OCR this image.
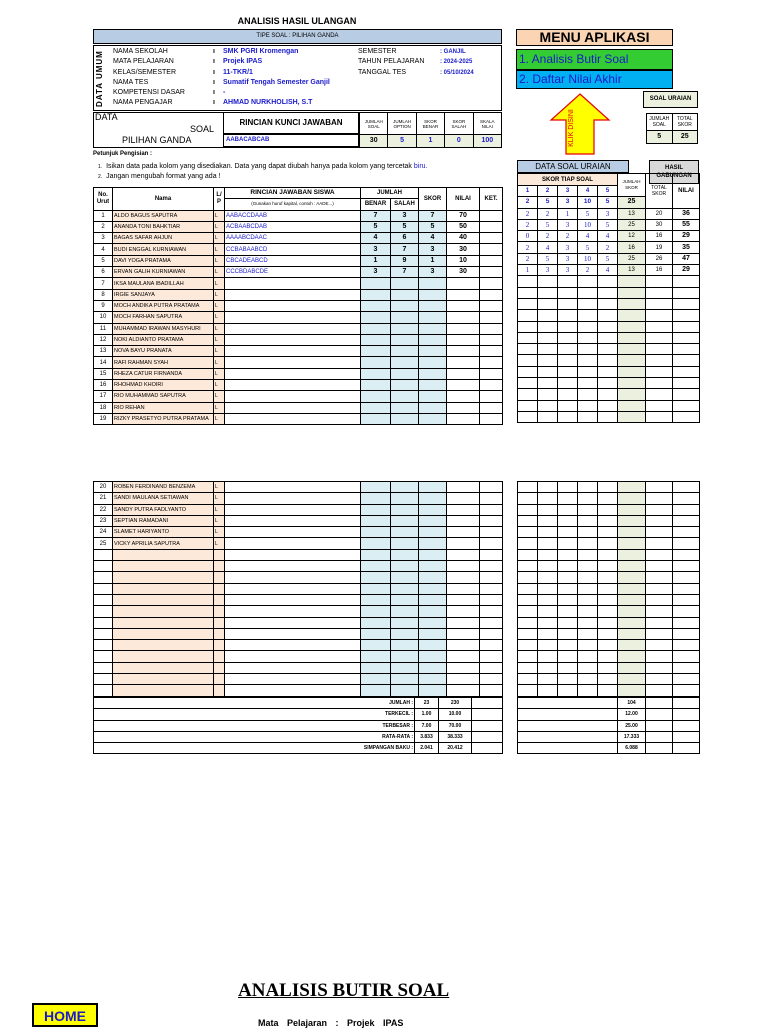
ANALISIS HASIL ULANGAN
TIPE SOAL : PILIHAN GANDA
DATA UMUM NAMA SEKOLAH	ı	SMK PGRI Kromengan
MATA PELAJARAN	ı	Projek IPAS
KELAS/SEMESTER	ı	11-TKR/1
NAMA TES	ı	Sumatif Tengah Semester Ganjil
KOMPETENSI DASAR	ı	-
NAMA PENGAJAR	ı	AHMAD NURKHOLISH, S.T
SEMESTER	: GANJIL
TAHUN PELAJARAN	: 2024-2025
TANGGAL TES	: 05/10/2024
MENU APLIKASI
1. Analisis Butir Soal
2. Daftar Nilai Akhir
KLIK DISINI
SOAL URAIAN
JUMLAH SOAL	TOTAL SKOR
5	25
DATA
SOAL
PILIHAN GANDA
RINCIAN KUNCI JAWABAN
AABACABCAB
JUMLAH SOAL	JUMLAH OPTION	SKOR BENAR	SKOR SALAH	SKALA NILAI
30	5	1	0	100
Petunjuk Pengisian :
1. Isikan data pada kolom yang disediakan. Data yang dapat diubah hanya pada kolom yang tercetak biru.
2. Jangan mengubah format yang ada !
No. Urut	Nama	L/ P	RINCIAN JAWABAN SISWA	JUMLAH		SKOR	NILAI	KET.
			(Gunakan huruf kapital, contoh : AADE...)	BENAR	SALAH			
1	ALDO BAGUS SAPUTRA	L	AABACCDAAB	7	3	7	70	
2	ANANDA TONI BAHKTIAR	L	ACBAABCDAB	5	5	5	50	
3	BAGAS SAFAR AHJUN	L	AAAABCDAAC	4	6	4	40	
4	BUDI ENGGAL KURNIAWAN	L	CCBABAABCD	3	7	3	30	
5	DAVI YOGA PRATAMA	L	CBCADEABCD	1	9	1	10	
6	ERVAN GALIH KURNIAWAN	L	CCCBDABCDE	3	7	3	30	
7	IKSA MAULANA IBADILLAH	L						
8	IRGIE SANJAYA	L						
9	MOCH ANDIKA PUTRA PRATAMA	L						
10	MOCH FARHAN SAPUTRA	L						
11	MUHAMMAD IRAWAN MASYHURI	L						
12	NOKI ALDIANTO PRATAMA	L						
13	NOVA BAYU PRANATA	L						
14	RAFI RAHMAN SYAH	L						
15	RHEZA CATUR FIRNANDA	L						
16	RHOHMAD KHOIRI	L						
17	RIO MUHAMMAD SAPUTRA	L						
18	RIO REHAN	L						
19	RIZKY PRASETYO PUTRA PRATAMA	L						
DATA SOAL URAIAN	HASIL GABUNGAN
SKOR TIAP SOAL					JUMLAH SKOR	TOTAL SKOR	NILAI
1	2	3	4	5			
2	5	3	10	5	25		
2	2	1	5	3	13	20	36
2	5	3	10	5	25	30	55
0	2	2	4	4	12	16	29
2	4	3	5	2	16	19	35
2	5	3	10	5	25	26	47
1	3	3	2	4	13	16	29

20	ROBEN FERDINAND BENZEMA	L						
21	SANDI MAULANA SETIAWAN	L						
22	SANDY PUTRA FADLYANTO	L						
23	SEPTIAN RAMADANI	L						
24	SLAMET HARIYANTO	L						
25	VICKY APRILIA SAPUTRA	L						

JUMLAH :	23	230	
TERKECIL :	1.00	10.00	
TERBESAR :	7.00	70.00	
RATA-RATA :	3.833	38.333	
SIMPANGAN BAKU :	2.041	20.412	
	104		
	12.00		
	25.00		
	17.333		
	6.088		
HOME
ANALISIS BUTIR SOAL
Mata Pelajaran : Projek IPAS
